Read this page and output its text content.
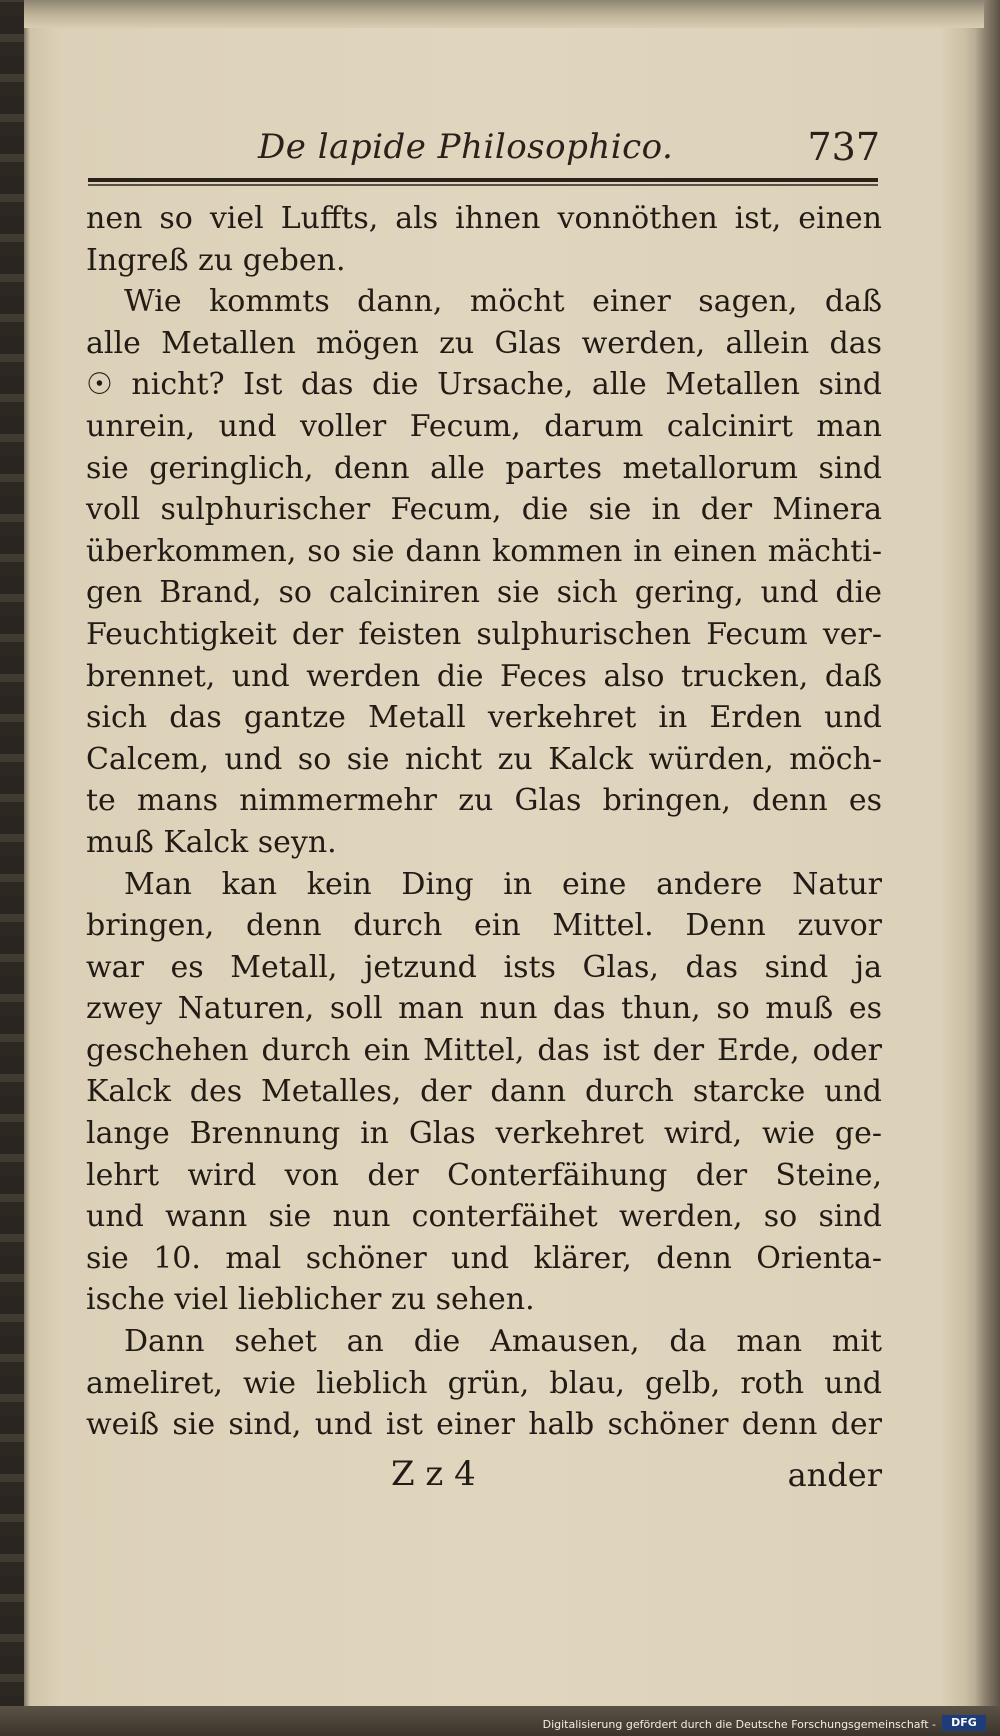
De lapide Philosophico.	737
nen so viel Luffts, als ihnen vonnöthen ist, einen
Ingreß zu geben.
Wie kommts dann, möcht einer sagen, daß
alle Metallen mögen zu Glas werden, allein das
☉ nicht? Ist das die Ursache, alle Metallen sind
unrein, und voller Fecum, darum calcinirt man
sie geringlich, denn alle partes metallorum sind
voll sulphurischer Fecum, die sie in der Minera
überkommen, so sie dann kommen in einen mächti-
gen Brand, so calciniren sie sich gering, und die
Feuchtigkeit der feisten sulphurischen Fecum ver-
brennet, und werden die Feces also trucken, daß
sich das gantze Metall verkehret in Erden und
Calcem, und so sie nicht zu Kalck würden, möch-
te mans nimmermehr zu Glas bringen, denn es
muß Kalck seyn.
Man kan kein Ding in eine andere Natur
bringen, denn durch ein Mittel. Denn zuvor
war es Metall, jetzund ists Glas, das sind ja
zwey Naturen, soll man nun das thun, so muß es
geschehen durch ein Mittel, das ist der Erde, oder
Kalck des Metalles, der dann durch starcke und
lange Brennung in Glas verkehret wird, wie ge-
lehrt wird von der Conterfäihung der Steine,
und wann sie nun conterfäihet werden, so sind
sie 10. mal schöner und klärer, denn Orienta-
ische viel lieblicher zu sehen.
Dann sehet an die Amausen, da man mit
ameliret, wie lieblich grün, blau, gelb, roth und
weiß sie sind, und ist einer halb schöner denn der
Z z 4	ander
Digitalisierung gefördert durch die Deutsche Forschungsgemeinschaft -	DFG
